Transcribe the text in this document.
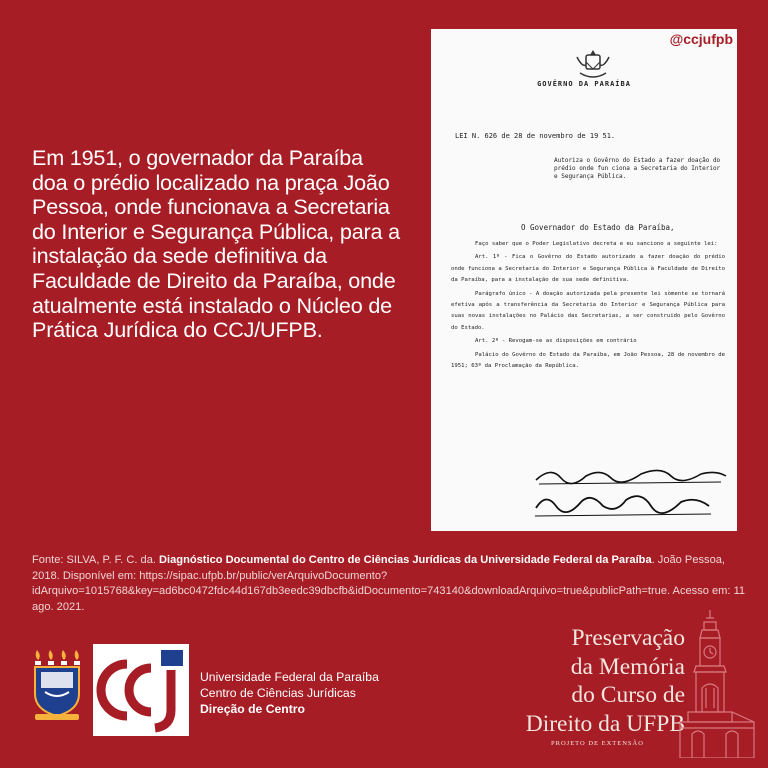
Em 1951, o governador da Paraíba doa o prédio localizado na praça João Pessoa, onde funcionava a Secretaria do Interior e Segurança Pública, para a instalação da sede definitiva da Faculdade de Direito da Paraíba, onde atualmente está instalado o Núcleo de Prática Jurídica do CCJ/UFPB.

@ccjufpb
GOVÊRNO DA PARAÍBA
LEI N. 626 de 28 de novembro de 19 51.

Autoriza o Govêrno do Estado a fazer doação do prédio onde fun ciona a Secretaria do Interior e Segurança Pública.

O Governador do Estado da Paraíba,

Faço saber que o Poder Legislativo decreta e eu sanciono a seguinte lei:

Art. 1º - Fica o Govêrno do Estado autorizado a fazer doação do prédio onde funciona a Secretaria do Interior e Segurança Pública à Faculdade de Direito da Paraíba, para a instalação de sua sede definitiva.

Parágrafo único - A doação autorizada pela presente lei sòmente se tornará efetiva após a transferência da Secretaria do Interior e Segurança Pública para suas novas instalações no Palácio das Secretarias, a ser construido pelo Govêrno do Estado.

Art. 2º - Revogam-se as disposições em contrário

Palácio do Govêrno do Estado da Paraíba, em João Pessoa, 28 de novembro de 1951; 63º da Proclamação da República.

Fonte: SILVA, P. F. C. da. Diagnóstico Documental do Centro de Ciências Jurídicas da Universidade Federal da Paraíba. João Pessoa, 2018. Disponível em: https://sipac.ufpb.br/public/verArquivoDocumento?idArquivo=1015768&key=ad6bc0472fdc44d167db3eedc39dbcfb&idDocumento=743140&downloadArquivo=true&publicPath=true. Acesso em: 11 ago. 2021.

Universidade Federal da Paraíba
Centro de Ciências Jurídicas
Direção de Centro
Preservação
da Memória
do Curso de
Direito da UFPB
PROJETO DE EXTENSÃO
